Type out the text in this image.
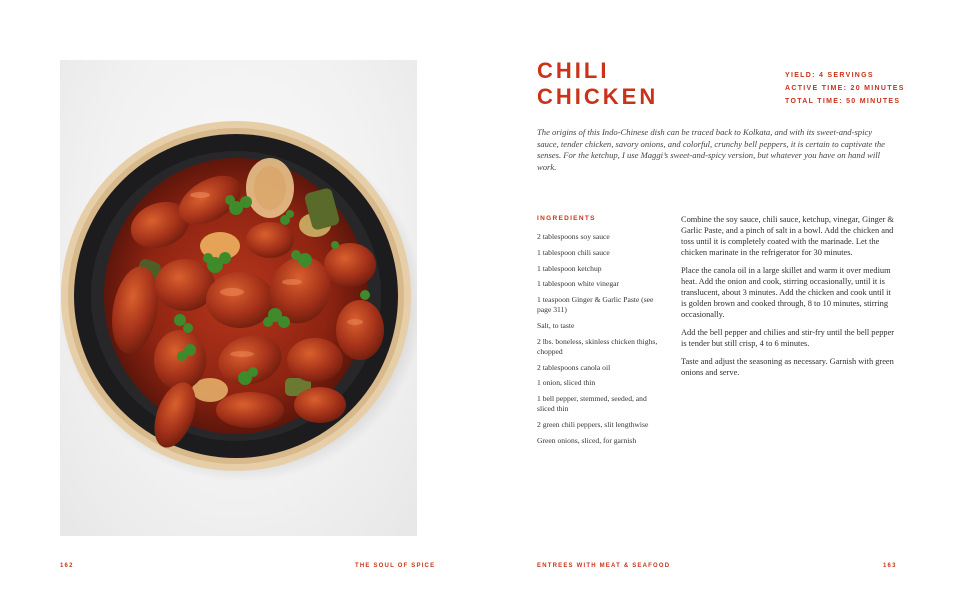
162	THE SOUL OF SPICE
CHILI
CHICKEN
YIELD: 4 SERVINGS
ACTIVE TIME: 20 MINUTES
TOTAL TIME: 50 MINUTES

The origins of this Indo-Chinese dish can be traced back to Kolkata, and with its sweet-and-spicy sauce, tender chicken, savory onions, and colorful, crunchy bell peppers, it is certain to captivate the senses. For the ketchup, I use Maggi’s sweet-and-spicy version, but whatever you have on hand will work.

INGREDIENTS
2 tablespoons soy sauce
1 tablespoon chili sauce
1 tablespoon ketchup
1 tablespoon white vinegar
1 teaspoon Ginger & Garlic Paste (see page 311)
Salt, to taste
2 lbs. boneless, skinless chicken thighs, chopped
2 tablespoons canola oil
1 onion, sliced thin
1 bell pepper, stemmed, seeded, and sliced thin
2 green chili peppers, slit lengthwise
Green onions, sliced, for garnish

Combine the soy sauce, chili sauce, ketchup, vinegar, Ginger & Garlic Paste, and a pinch of salt in a bowl. Add the chicken and toss until it is completely coated with the marinade. Let the chicken marinate in the refrigerator for 30 minutes.

Place the canola oil in a large skillet and warm it over medium heat. Add the onion and cook, stirring occasionally, until it is translucent, about 3 minutes. Add the chicken and cook until it is golden brown and cooked through, 8 to 10 minutes, stirring occasionally.

Add the bell pepper and chilies and stir-fry until the bell pepper is tender but still crisp, 4 to 6 minutes.

Taste and adjust the seasoning as necessary. Garnish with green onions and serve.

ENTREES WITH MEAT & SEAFOOD	163
